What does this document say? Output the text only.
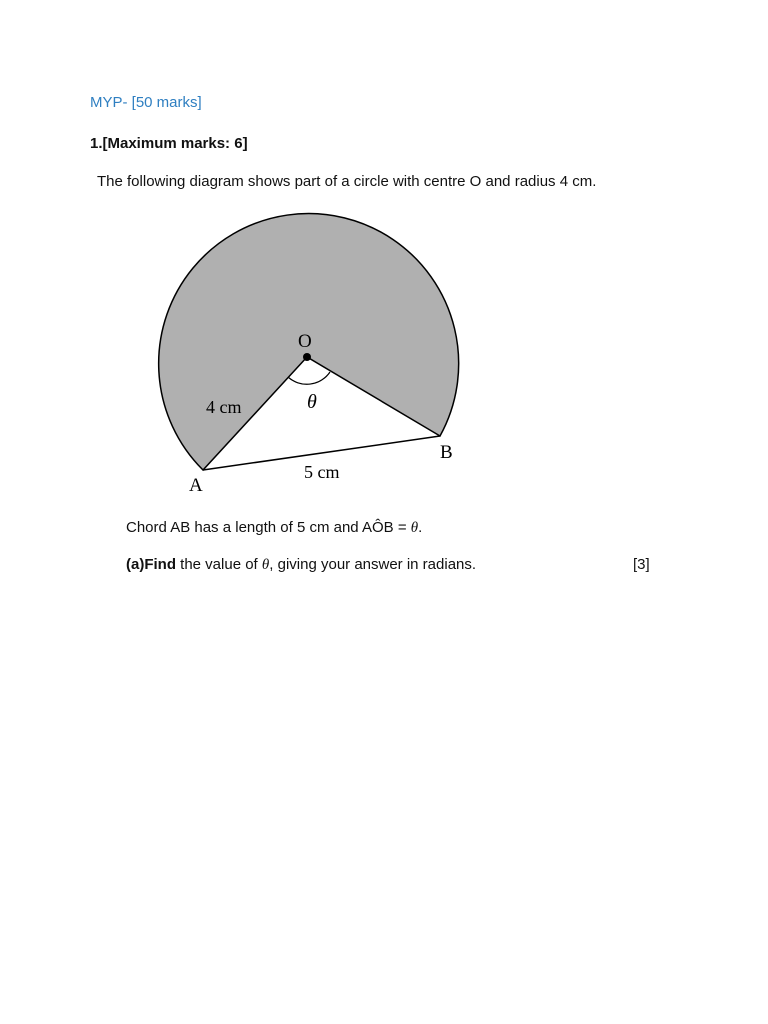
MYP- [50 marks]
1.[Maximum marks: 6]
The following diagram shows part of a circle with centre O and radius 4 cm.
O
θ
4 cm
A
B
5 cm
Chord AB has a length of 5 cm and AÔB = θ.
(a)Find the value of θ, giving your answer in radians.	[3]
